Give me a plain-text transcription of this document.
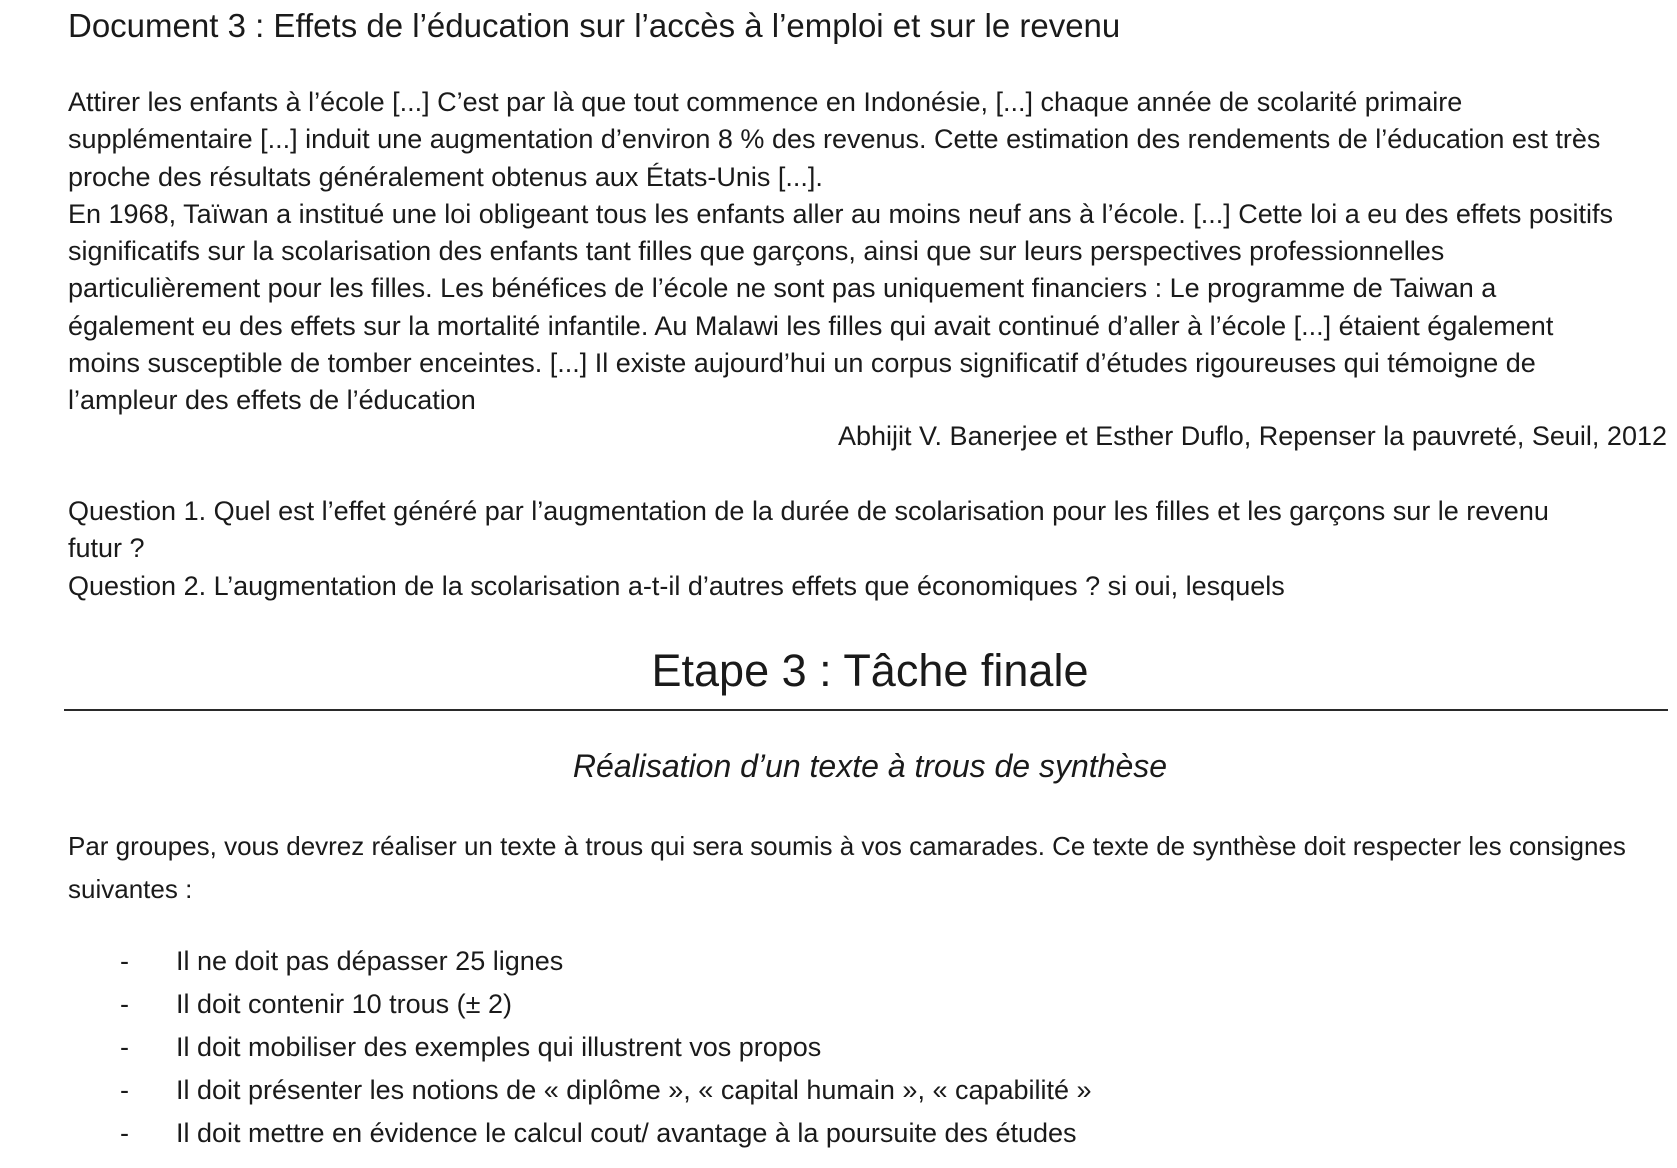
Document 3 : Effets de l’éducation sur l’accès à l’emploi et sur le revenu
Attirer les enfants à l’école [...] C’est par là que tout commence en Indonésie, [...] chaque année de scolarité primaire
supplémentaire [...] induit une augmentation d’environ 8 % des revenus. Cette estimation des rendements de l’éducation est très
proche des résultats généralement obtenus aux États-Unis [...].
En 1968, Taïwan a institué une loi obligeant tous les enfants aller au moins neuf ans à l’école. [...] Cette loi a eu des effets positifs
significatifs sur la scolarisation des enfants tant filles que garçons, ainsi que sur leurs perspectives professionnelles
particulièrement pour les filles. Les bénéfices de l’école ne sont pas uniquement financiers : Le programme de Taiwan a
également eu des effets sur la mortalité infantile. Au Malawi les filles qui avait continué d’aller à l’école [...] étaient également
moins susceptible de tomber enceintes. [...] Il existe aujourd’hui un corpus significatif d’études rigoureuses qui témoigne de
l’ampleur des effets de l’éducation
Abhijit V. Banerjee et Esther Duflo, Repenser la pauvreté, Seuil, 2012
Question 1. Quel est l’effet généré par l’augmentation de la durée de scolarisation pour les filles et les garçons sur le revenu
futur ?
Question 2. L’augmentation de la scolarisation a-t-il d’autres effets que économiques ? si oui, lesquels
Etape 3 : Tâche finale
Réalisation d’un texte à trous de synthèse
Par groupes, vous devrez réaliser un texte à trous qui sera soumis à vos camarades. Ce texte de synthèse doit respecter les consignes
suivantes :
- Il ne doit pas dépasser 25 lignes
- Il doit contenir 10 trous (± 2)
- Il doit mobiliser des exemples qui illustrent vos propos
- Il doit présenter les notions de « diplôme », « capital humain », « capabilité »
- Il doit mettre en évidence le calcul cout/ avantage à la poursuite des études
